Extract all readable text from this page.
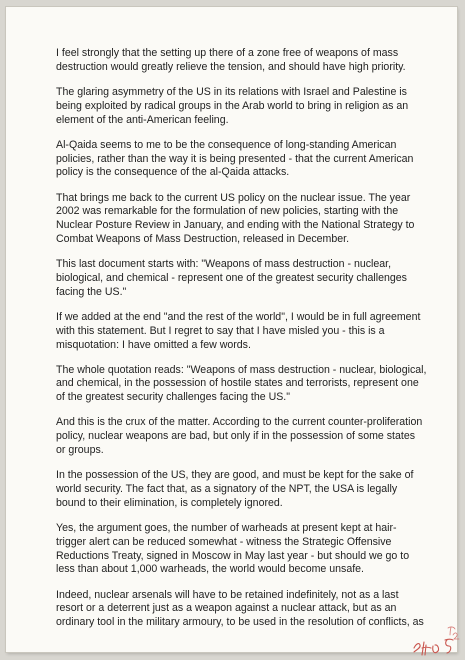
I feel strongly that the setting up there of a zone free of weapons of mass
destruction would greatly relieve the tension, and should have high priority.

The glaring asymmetry of the US in its relations with Israel and Palestine is
being exploited by radical groups in the Arab world to bring in religion as an
element of the anti-American feeling.

Al-Qaida seems to me to be the consequence of long-standing American
policies, rather than the way it is being presented - that the current American
policy is the consequence of the al-Qaida attacks.

That brings me back to the current US policy on the nuclear issue. The year
2002 was remarkable for the formulation of new policies, starting with the
Nuclear Posture Review in January, and ending with the National Strategy to
Combat Weapons of Mass Destruction, released in December.

This last document starts with: "Weapons of mass destruction - nuclear,
biological, and chemical - represent one of the greatest security challenges
facing the US."

If we added at the end "and the rest of the world", I would be in full agreement
with this statement. But I regret to say that I have misled you - this is a
misquotation: I have omitted a few words.

The whole quotation reads: "Weapons of mass destruction - nuclear, biological,
and chemical, in the possession of hostile states and terrorists, represent one
of the greatest security challenges facing the US."

And this is the crux of the matter. According to the current counter-proliferation
policy, nuclear weapons are bad, but only if in the possession of some states
or groups.

In the possession of the US, they are good, and must be kept for the sake of
world security. The fact that, as a signatory of the NPT, the USA is legally
bound to their elimination, is completely ignored.

Yes, the argument goes, the number of warheads at present kept at hair-
trigger alert can be reduced somewhat - witness the Strategic Offensive
Reductions Treaty, signed in Moscow in May last year - but should we go to
less than about 1,000 warheads, the world would become unsafe.

Indeed, nuclear arsenals will have to be retained indefinitely, not as a last
resort or a deterrent just as a weapon against a nuclear attack, but as an
ordinary tool in the military armoury, to be used in the resolution of conflicts, as
